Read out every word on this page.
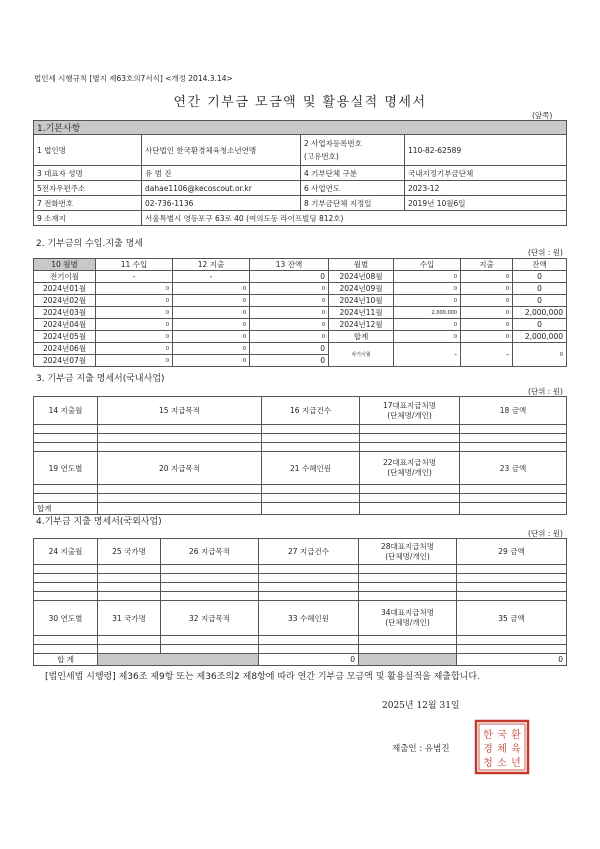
법인세 시행규칙 [별지 제63호의7서식] <개정 2014.3.14>
연간 기부금 모금액 및 활용실적 명세서
(앞쪽)
1.기본사항			
1 법인명	사단법인 한국환경체육청소년연맹	2 사업자등록번호
(고유번호)	110-82-62589
3 대표자 성명	유 범 진	4 기부단체 구분	국내지정기부금단체
5전자우편주소	dahae1106@kecoscout.or.kr	6 사업연도	2023-12
7 전화번호	02-736-1136	8 기부금단체 지정일	2019년 10월6일
9 소재지	서울특별시 영등포구 63로 40 (여의도동 라이프빌딩 812호)		
2. 기부금의 수입.지출 명세
(단위 : 원)
10 월별	11 수입	12 지출	13 잔액	월별	수입	지출	잔액
전기이월	-	-	0	2024년08월	0	0	0
2024년01월	0	0	0	2024년09월	0	0	0
2024년02월	0	0	0	2024년10월	0	0	0
2024년03월	0	0	0	2024년11월	2,000,000	0	2,000,000
2024년04월	0	0	0	2024년12월	0	0	0
2024년05월	0	0	0	합계	0	0	2,000,000
2024년06월	0	0	0	차기이월	-	-	0
2024년07월	0	0	0				
3. 기부금 지출 명세서(국내사업)
(단위 : 원)
14 지출월	15 지급목적	16 지급건수	17대표지급처명
(단체명/개인)	18 금액

19 연도별	20 지급목적	21 수혜인원	22대표지급처명
(단체명/개인)	23 금액

합계				
4.기부금 지출 명세서(국외사업)
(단위 : 원)
24 지출월	25 국가명	26 지급목적	27 지급건수	28대표지급처명
(단체명/개인)	29 금액

30 연도별	31 국가명	32 지급목적	33 수혜인원	34대표지급처명
(단체명/개인)	35 금액

합 계			0		0
[법인세법 시행령] 제36조 제9항 또는 제36조의2 제8항에 따라 연간 기부금 모금액 및 활용실적을 제출합니다.
2025년 12월 31일
제출인 : 유범진
한 국 환
경 체 육
청 소 년
